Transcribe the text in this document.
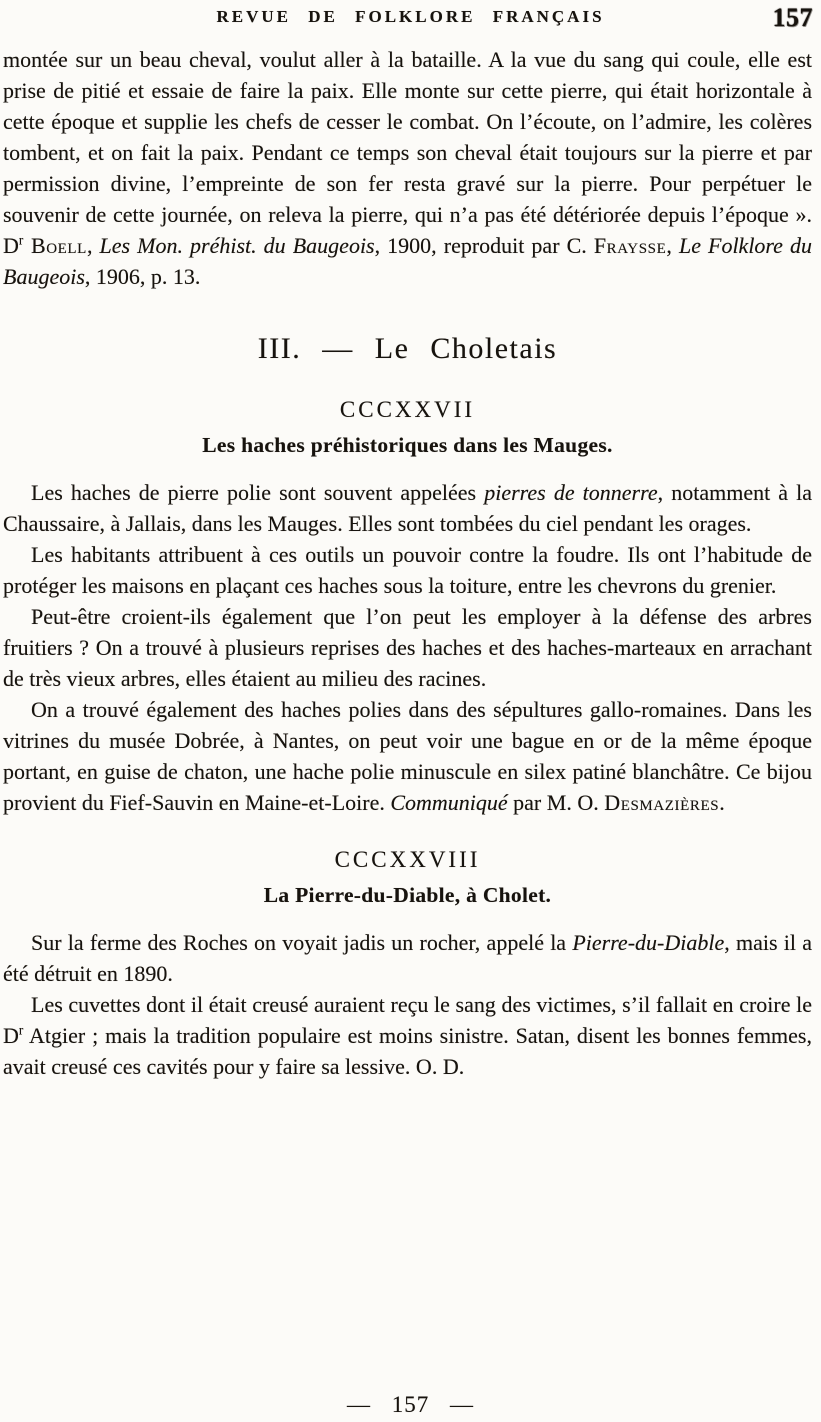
REVUE DE FOLKLORE FRANÇAIS	157

montée sur un beau cheval, voulut aller à la bataille. A la vue du sang qui coule, elle est prise de pitié et essaie de faire la paix. Elle monte sur cette pierre, qui était horizontale à cette époque et supplie les chefs de cesser le combat. On l’écoute, on l’admire, les colères tombent, et on fait la paix. Pendant ce temps son cheval était toujours sur la pierre et par permission divine, l’empreinte de son fer resta gravé sur la pierre. Pour perpétuer le souvenir de cette journée, on releva la pierre, qui n’a pas été détériorée depuis l’époque ». $D^r$ Boell, Les Mon. préhist. du Baugeois, 1900, reproduit par C. Fraysse, Le Folklore du Baugeois, 1906, p. 13.

III. — Le Choletais
CCCXXVII
Les haches préhistoriques dans les Mauges.

Les haches de pierre polie sont souvent appelées pierres de tonnerre, notamment à la Chaussaire, à Jallais, dans les Mauges. Elles sont tombées du ciel pendant les orages.

Les habitants attribuent à ces outils un pouvoir contre la foudre. Ils ont l’habitude de protéger les maisons en plaçant ces haches sous la toiture, entre les chevrons du grenier.

Peut-être croient-ils également que l’on peut les employer à la défense des arbres fruitiers ? On a trouvé à plusieurs reprises des haches et des haches-marteaux en arrachant de très vieux arbres, elles étaient au milieu des racines.

On a trouvé également des haches polies dans des sépultures gallo-romaines. Dans les vitrines du musée Dobrée, à Nantes, on peut voir une bague en or de la même époque portant, en guise de chaton, une hache polie minuscule en silex patiné blanchâtre. Ce bijou provient du Fief-Sauvin en Maine-et-Loire. Communiqué par M. O. Desmazières.

CCCXXVIII
La Pierre-du-Diable, à Cholet.

Sur la ferme des Roches on voyait jadis un rocher, appelé la Pierre-du-Diable, mais il a été détruit en 1890.

Les cuvettes dont il était creusé auraient reçu le sang des victimes, s’il fallait en croire le $D^r$ Atgier ; mais la tradition populaire est moins sinistre. Satan, disent les bonnes femmes, avait creusé ces cavités pour y faire sa lessive. O. D.

— 157 —
